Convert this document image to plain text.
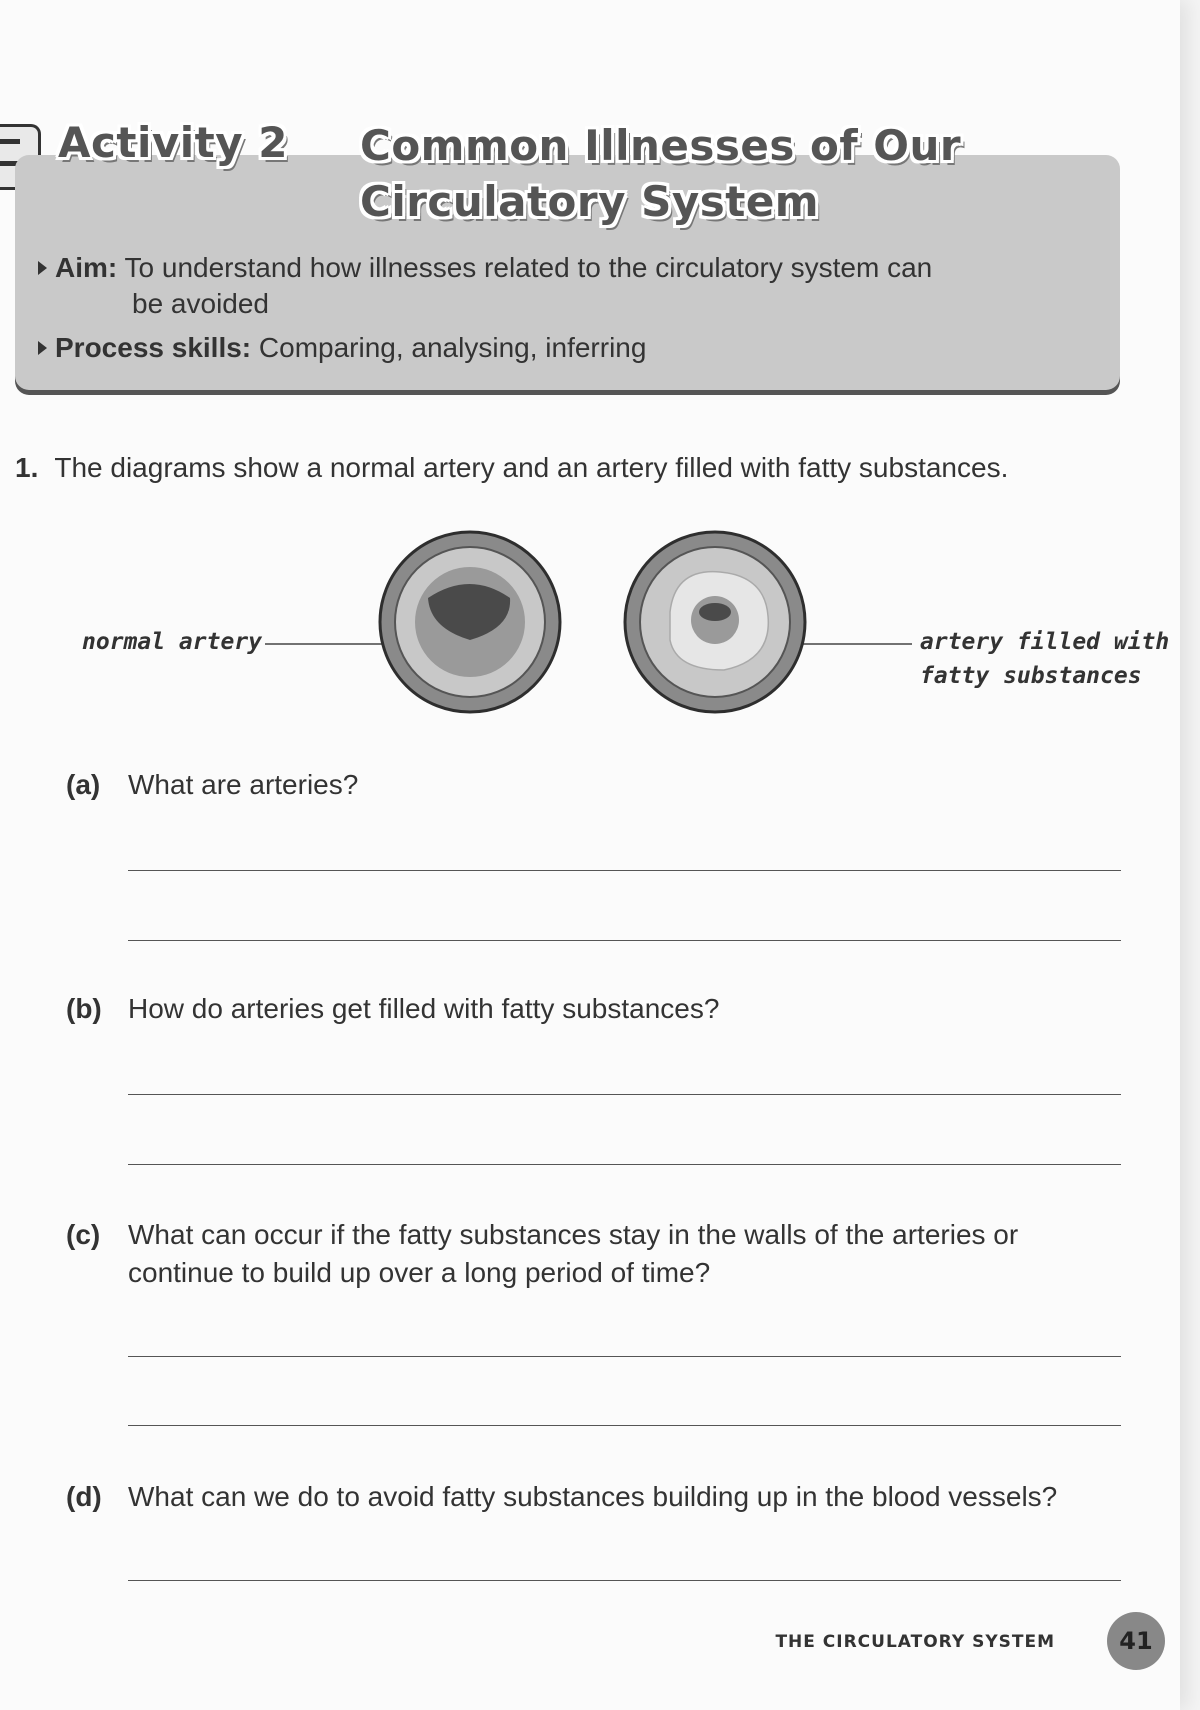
Activity 2 Common Illnesses of Our Circulatory System
Aim: To understand how illnesses related to the circulatory system can
be avoided
Process skills: Comparing, analysing, inferring
1. The diagrams show a normal artery and an artery filled with fatty substances.
normal artery	artery filled with
fatty substances
(a) What are arteries?
(b) How do arteries get filled with fatty substances?
(c) What can occur if the fatty substances stay in the walls of the arteries or continue to build up over a long period of time?
(d) What can we do to avoid fatty substances building up in the blood vessels?
THE CIRCULATORY SYSTEM	41
